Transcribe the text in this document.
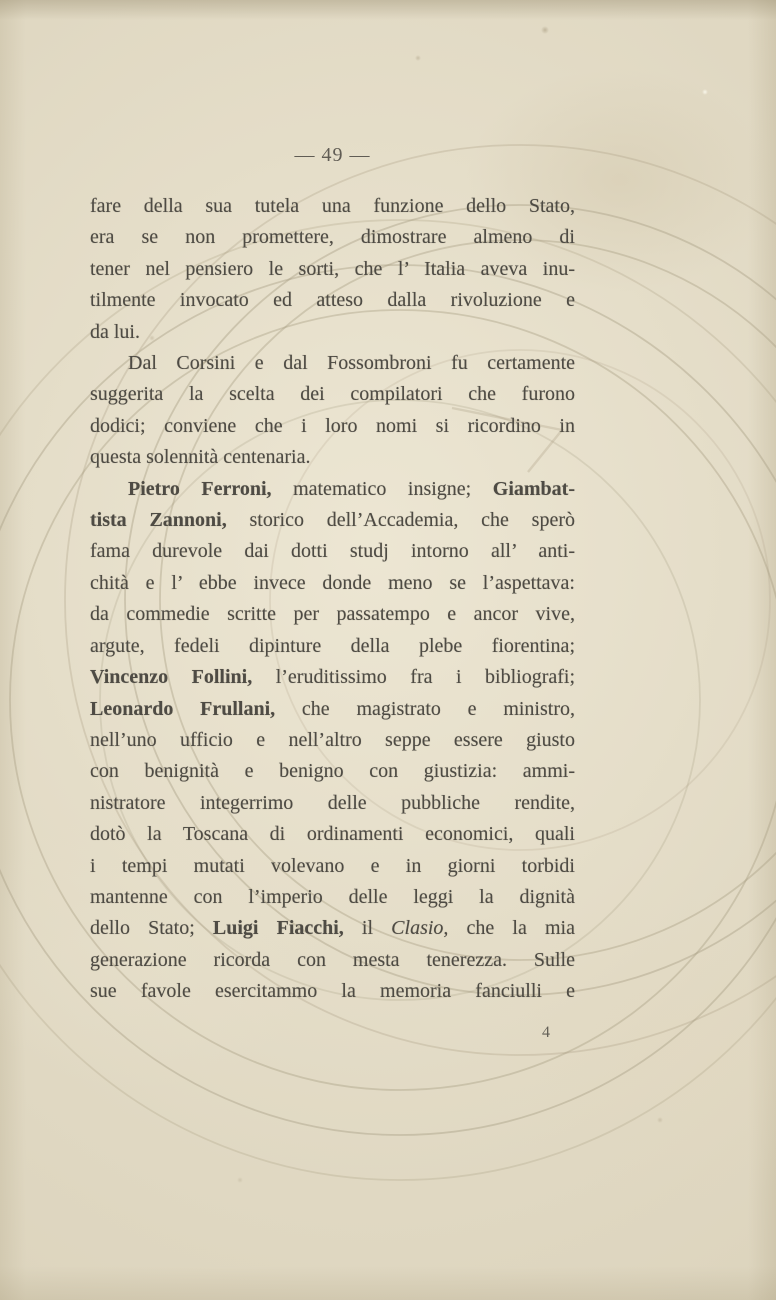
— 49 —
fare della sua tutela una funzione dello Stato,
era se non promettere, dimostrare almeno di
tener nel pensiero le sorti, che l’ Italia aveva inu-
tilmente invocato ed atteso dalla rivoluzione e
da lui.
Dal Corsini e dal Fossombroni fu certamente
suggerita la scelta dei compilatori che furono
dodici; conviene che i loro nomi si ricordino in
questa solennità centenaria.
Pietro Ferroni, matematico insigne; Giambat-
tista Zannoni, storico dell’Accademia, che sperò
fama durevole dai dotti studj intorno all’ anti-
chità e l’ ebbe invece donde meno se l’aspettava:
da commedie scritte per passatempo e ancor vive,
argute, fedeli dipinture della plebe fiorentina;
Vincenzo Follini, l’eruditissimo fra i bibliografi;
Leonardo Frullani, che magistrato e ministro,
nell’uno ufficio e nell’altro seppe essere giusto
con benignità e benigno con giustizia: ammi-
nistratore integerrimo delle pubbliche rendite,
dotò la Toscana di ordinamenti economici, quali
i tempi mutati volevano e in giorni torbidi
mantenne con l’imperio delle leggi la dignità
dello Stato; Luigi Fiacchi, il Clasio, che la mia
generazione ricorda con mesta tenerezza. Sulle
sue favole esercitammo la memoria fanciulli e
4
